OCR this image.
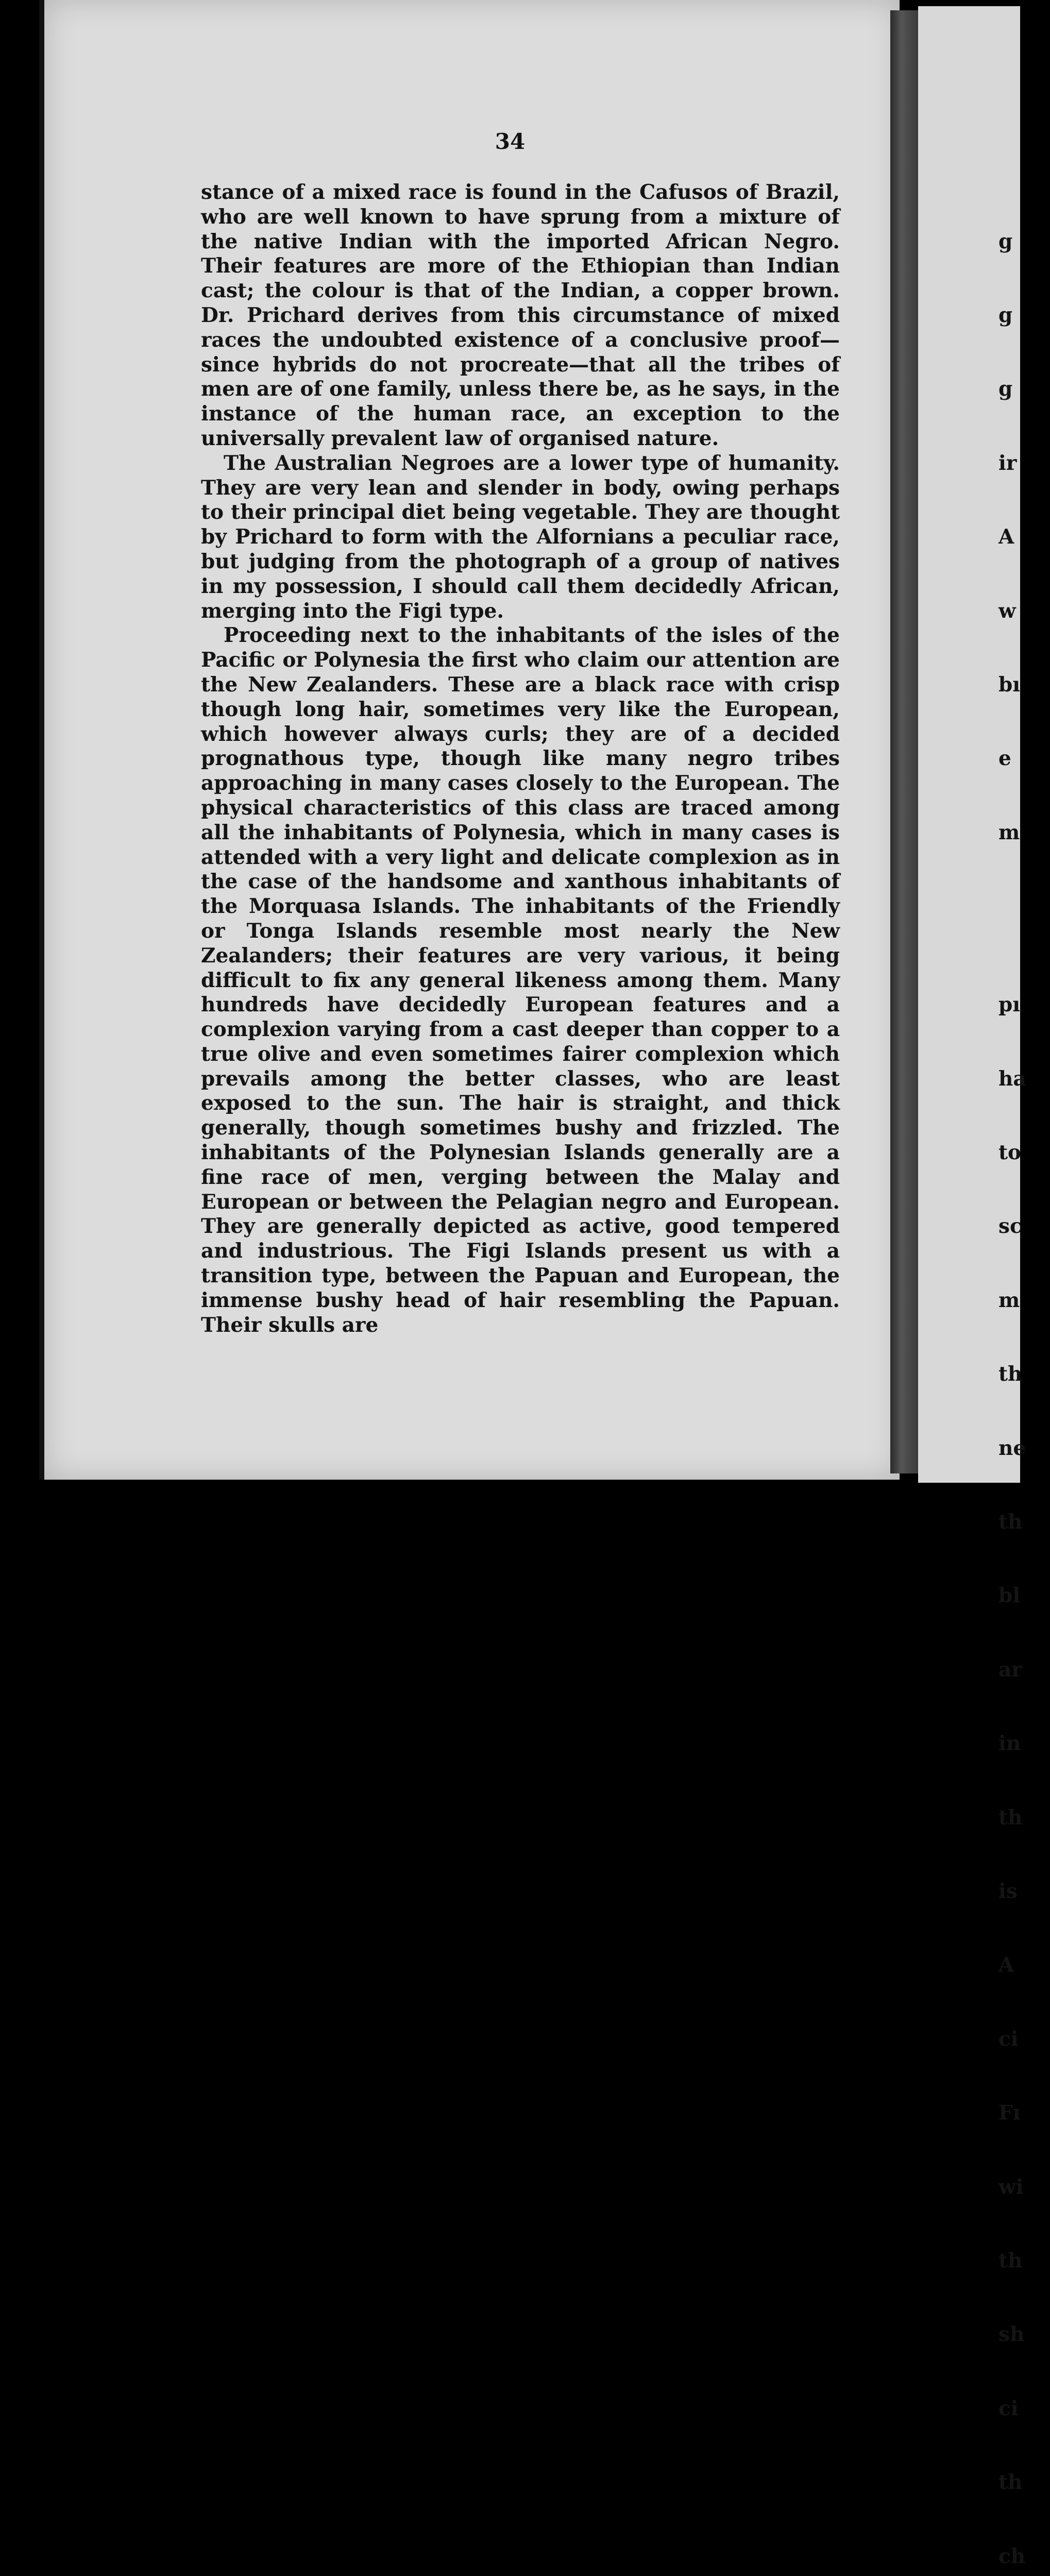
34

stance of a mixed race is found in the Cafusos of Brazil, who are well known to have sprung from a mixture of the native Indian with the imported African Negro. Their features are more of the Ethiopian than Indian cast; the colour is that of the Indian, a copper brown. Dr. Prichard derives from this circumstance of mixed races the undoubted existence of a conclusive proof—since hybrids do not procreate—that all the tribes of men are of one family, unless there be, as he says, in the instance of the human race, an exception to the universally prevalent law of organised nature.

The Australian Negroes are a lower type of humanity. They are very lean and slender in body, owing perhaps to their principal diet being vegetable. They are thought by Prichard to form with the Alfornians a peculiar race, but judging from the photograph of a group of natives in my possession, I should call them decidedly African, merging into the Figi type.

Proceeding next to the inhabitants of the isles of the Pacific or Polynesia the first who claim our attention are the New Zealanders. These are a black race with crisp though long hair, sometimes very like the European, which however always curls; they are of a decided prognathous type, though like many negro tribes approaching in many cases closely to the European. The physical characteristics of this class are traced among all the inhabitants of Polynesia, which in many cases is attended with a very light and delicate complexion as in the case of the handsome and xanthous inhabitants of the Morquasa Islands. The inhabitants of the Friendly or Tonga Islands resemble most nearly the New Zealanders; their features are very various, it being difficult to fix any general likeness among them. Many hundreds have decidedly European features and a complexion varying from a cast deeper than copper to a true olive and even sometimes fairer complexion which prevails among the better classes, who are least exposed to the sun. The hair is straight, and thick generally, though sometimes bushy and frizzled. The inhabitants of the Polynesian Islands generally are a fine race of men, verging between the Malay and European or between the Pelagian negro and European. They are generally depicted as active, good tempered and industrious. The Figi Islands present us with a transition type, between the Papuan and European, the immense bushy head of hair resembling the Papuan. Their skulls are

g

g

g

ir

A

w

bı

e

m

pı

ha

to

sc

m

th

ne

th

bl

ar

in

th

is

A

ci

Fı

wi

th

sh

ci

th

ch
